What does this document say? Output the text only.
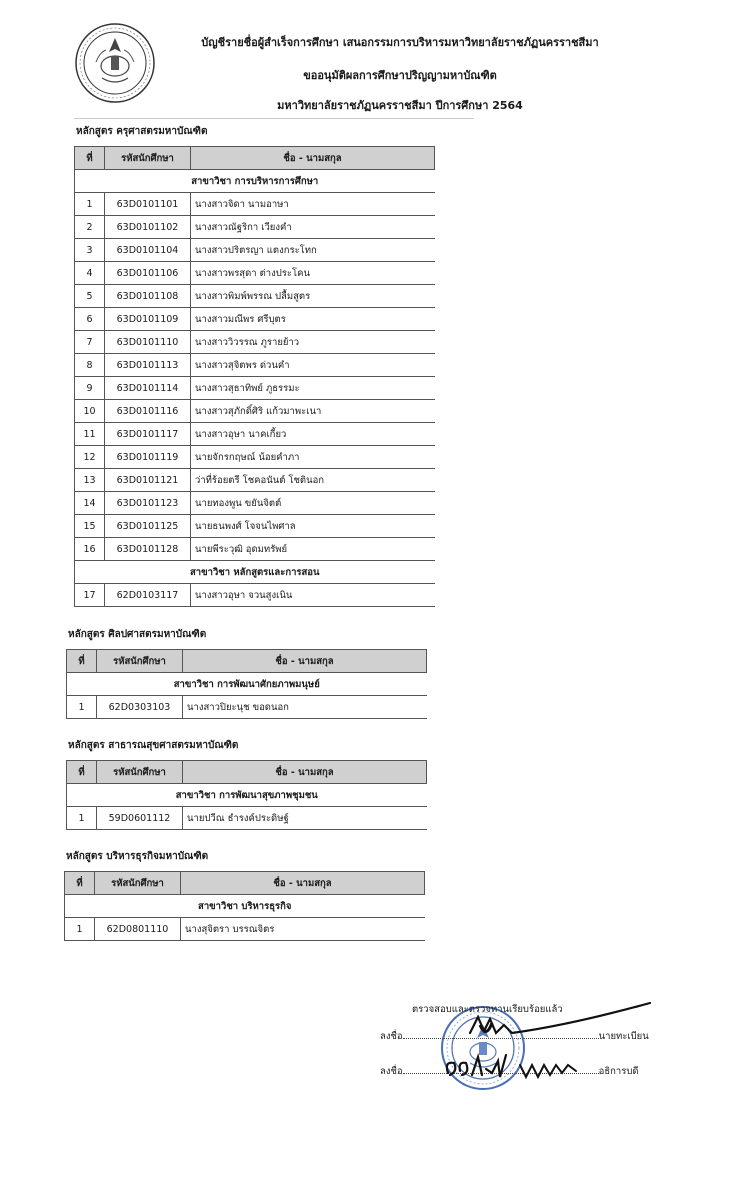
บัญชีรายชื่อผู้สำเร็จการศึกษา เสนอกรรมการบริหารมหาวิทยาลัยราชภัฏนครราชสีมา
ขออนุมัติผลการศึกษาปริญญามหาบัณฑิต
มหาวิทยาลัยราชภัฏนครราชสีมา ปีการศึกษา 2564
หลักสูตร ครุศาสตรมหาบัณฑิต
ที่	รหัสนักศึกษา	ชื่อ - นามสกุล
สาขาวิชา การบริหารการศึกษา		
1	63D0101101	นางสาวจิดา นามอาษา
2	63D0101102	นางสาวณัฐริกา เวียงคำ
3	63D0101104	นางสาวปริตรญา แตงกระโทก
4	63D0101106	นางสาวพรสุดา ต่างประโคน
5	63D0101108	นางสาวพิมพ์พรรณ ปลื้มสูตร
6	63D0101109	นางสาวมณีพร ศรีบุตร
7	63D0101110	นางสาววิวรรณ ภูรายย้าว
8	63D0101113	นางสาวสุจิตพร ด่วนคำ
9	63D0101114	นางสาวสุธาทิพย์ ภูธรรมะ
10	63D0101116	นางสาวสุภักดิ์ศิริ แก้วมาพะเนา
11	63D0101117	นางสาวอุษา นาคเกี้ยว
12	63D0101119	นายจักรกฤษณ์ น้อยคำภา
13	63D0101121	ว่าที่ร้อยตรี โชคอนันต์ โชตินอก
14	63D0101123	นายทองพูน ขยันจิตต์
15	63D0101125	นายธนพงศ์ โจจนไพศาล
16	63D0101128	นายพีระวุฒิ อุดมทรัพย์
สาขาวิชา หลักสูตรและการสอน		
17	62D0103117	นางสาวอุษา จวนสูงเนิน
หลักสูตร ศิลปศาสตรมหาบัณฑิต
ที่	รหัสนักศึกษา	ชื่อ - นามสกุล
สาขาวิชา การพัฒนาศักยภาพมนุษย์		
1	62D0303103	นางสาวปิยะนุช ขอดนอก
หลักสูตร สาธารณสุขศาสตรมหาบัณฑิต
ที่	รหัสนักศึกษา	ชื่อ - นามสกุล
สาขาวิชา การพัฒนาสุขภาพชุมชน		
1	59D0601112	นายปวีณ ธำรงค์ประดิษฐ์
หลักสูตร บริหารธุรกิจมหาบัณฑิต
ที่	รหัสนักศึกษา	ชื่อ - นามสกุล
สาขาวิชา บริหารธุรกิจ		
1	62D0801110	นางสุจิตรา บรรณจิตร
ตรวจสอบและตรวจทานเรียบร้อยแล้ว
ลงชื่อ	นายทะเบียน
ลงชื่อ	อธิการบดี
